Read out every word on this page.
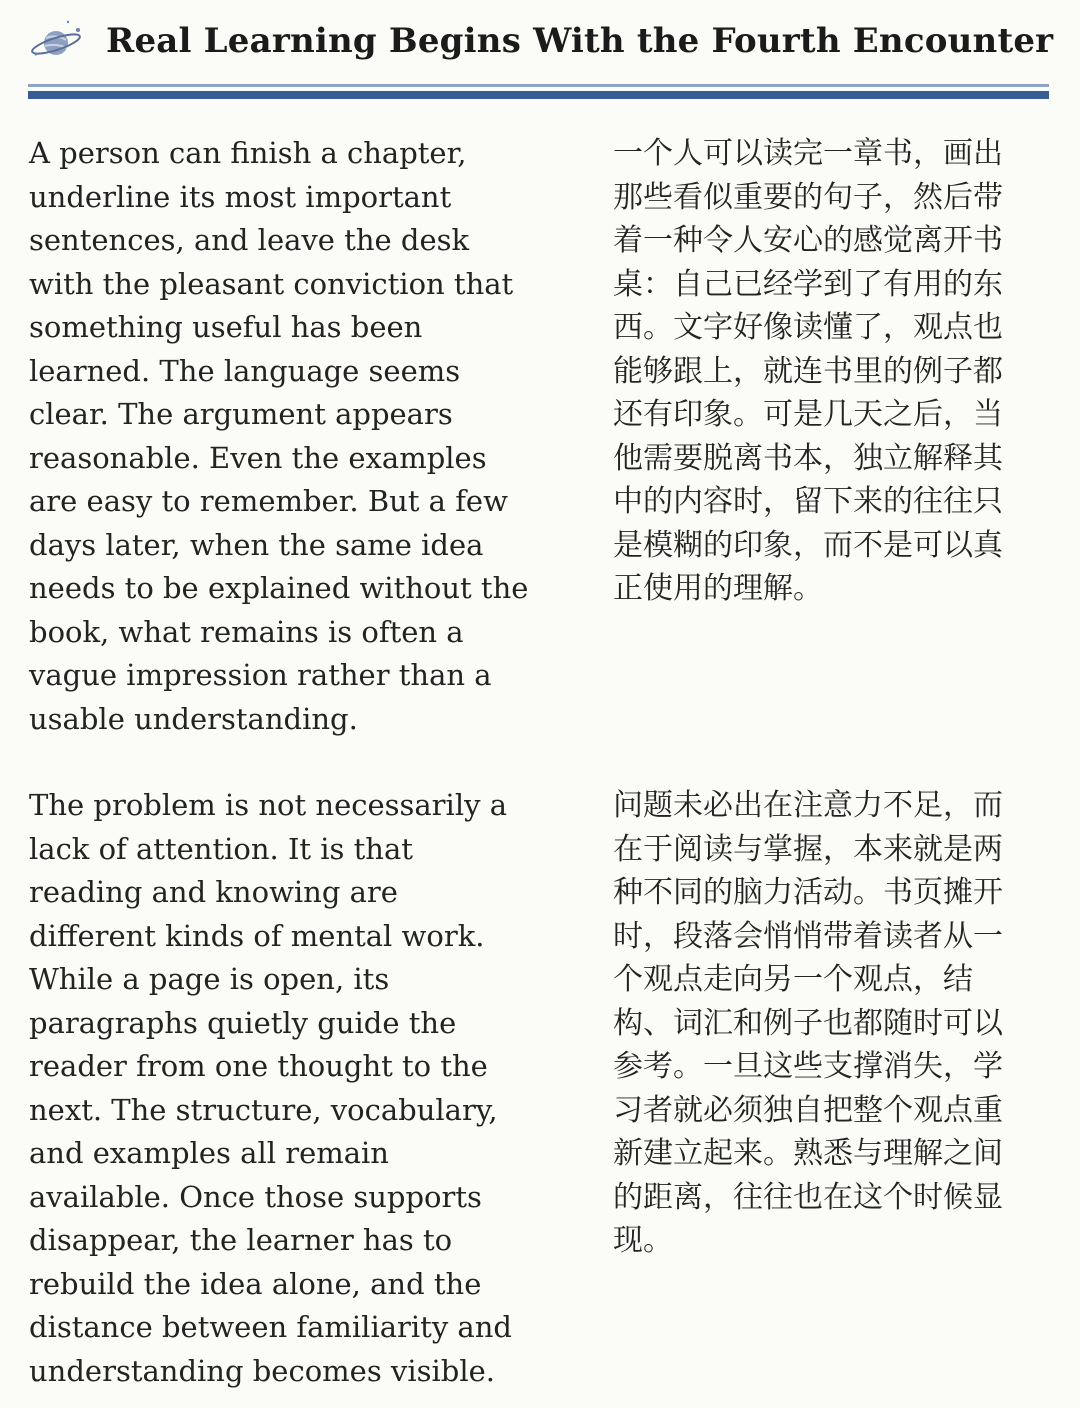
Real Learning Begins With the Fourth Encounter

A person can finish a chapter,
underline its most important
sentences, and leave the desk
with the pleasant conviction that
something useful has been
learned. The language seems
clear. The argument appears
reasonable. Even the examples
are easy to remember. But a few
days later, when the same idea
needs to be explained without the
book, what remains is often a
vague impression rather than a
usable understanding.

一个人可以读完一章书，画出
那些看似重要的句子，然后带
着一种令人安心的感觉离开书
桌：自己已经学到了有用的东
西。文字好像读懂了，观点也
能够跟上，就连书里的例子都
还有印象。可是几天之后，当
他需要脱离书本，独立解释其
中的内容时，留下来的往往只
是模糊的印象，而不是可以真
正使用的理解。

The problem is not necessarily a
lack of attention. It is that
reading and knowing are
different kinds of mental work.
While a page is open, its
paragraphs quietly guide the
reader from one thought to the
next. The structure, vocabulary,
and examples all remain
available. Once those supports
disappear, the learner has to
rebuild the idea alone, and the
distance between familiarity and
understanding becomes visible.

问题未必出在注意力不足，而
在于阅读与掌握，本来就是两
种不同的脑力活动。书页摊开
时，段落会悄悄带着读者从一
个观点走向另一个观点，结
构、词汇和例子也都随时可以
参考。一旦这些支撑消失，学
习者就必须独自把整个观点重
新建立起来。熟悉与理解之间
的距离，往往也在这个时候显
现。
